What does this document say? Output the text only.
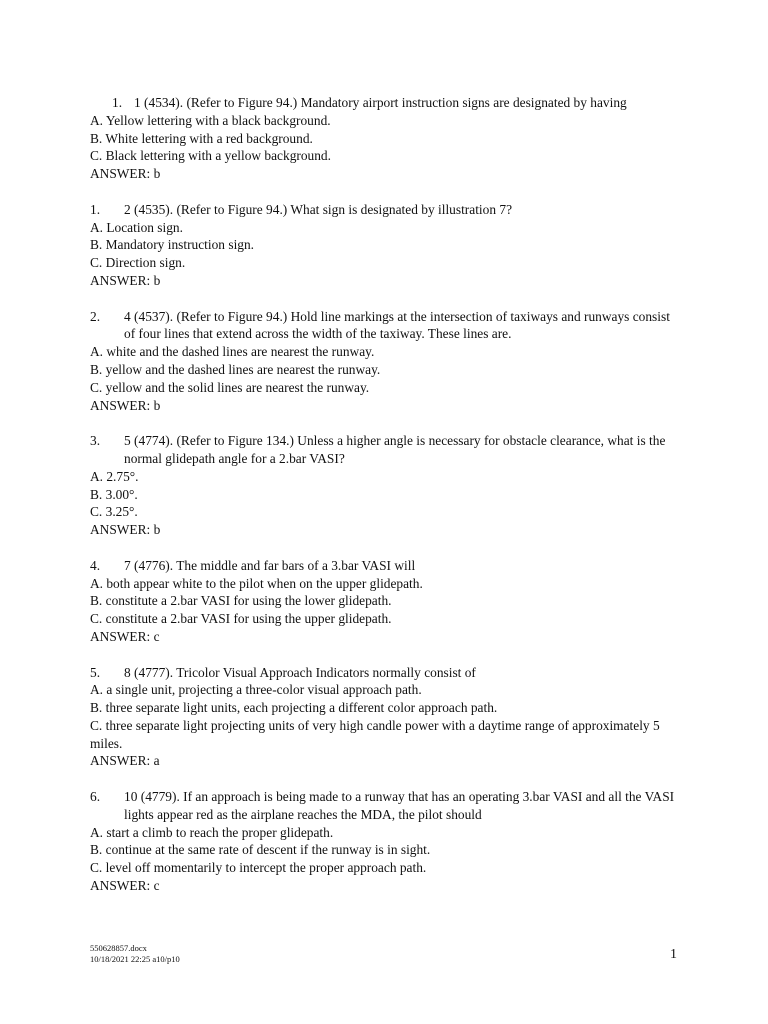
1. 1 (4534). (Refer to Figure 94.) Mandatory airport instruction signs are designated by having
A. Yellow lettering with a black background.
B. White lettering with a red background.
C. Black lettering with a yellow background.
ANSWER: b
1.	2 (4535). (Refer to Figure 94.) What sign is designated by illustration 7?
A. Location sign.
B. Mandatory instruction sign.
C. Direction sign.
ANSWER: b
2.	4 (4537). (Refer to Figure 94.) Hold line markings at the intersection of taxiways and runways consist of four lines that extend across the width of the taxiway. These lines are.
A. white and the dashed lines are nearest the runway.
B. yellow and the dashed lines are nearest the runway.
C. yellow and the solid lines are nearest the runway.
ANSWER: b
3.	5 (4774). (Refer to Figure 134.) Unless a higher angle is necessary for obstacle clearance, what is the normal glidepath angle for a 2.bar VASI?
A. 2.75°.
B. 3.00°.
C. 3.25°.
ANSWER: b
4.	7 (4776). The middle and far bars of a 3.bar VASI will
A. both appear white to the pilot when on the upper glidepath.
B. constitute a 2.bar VASI for using the lower glidepath.
C. constitute a 2.bar VASI for using the upper glidepath.
ANSWER: c
5.	8 (4777). Tricolor Visual Approach Indicators normally consist of
A. a single unit, projecting a three-color visual approach path.
B. three separate light units, each projecting a different color approach path.
C. three separate light projecting units of very high candle power with a daytime range of approximately 5 miles.
ANSWER: a
6.	10 (4779). If an approach is being made to a runway that has an operating 3.bar VASI and all the VASI lights appear red as the airplane reaches the MDA, the pilot should
A. start a climb to reach the proper glidepath.
B. continue at the same rate of descent if the runway is in sight.
C. level off momentarily to intercept the proper approach path.
ANSWER: c
550628857.docx
10/18/2021 22:25 a10/p10	1
